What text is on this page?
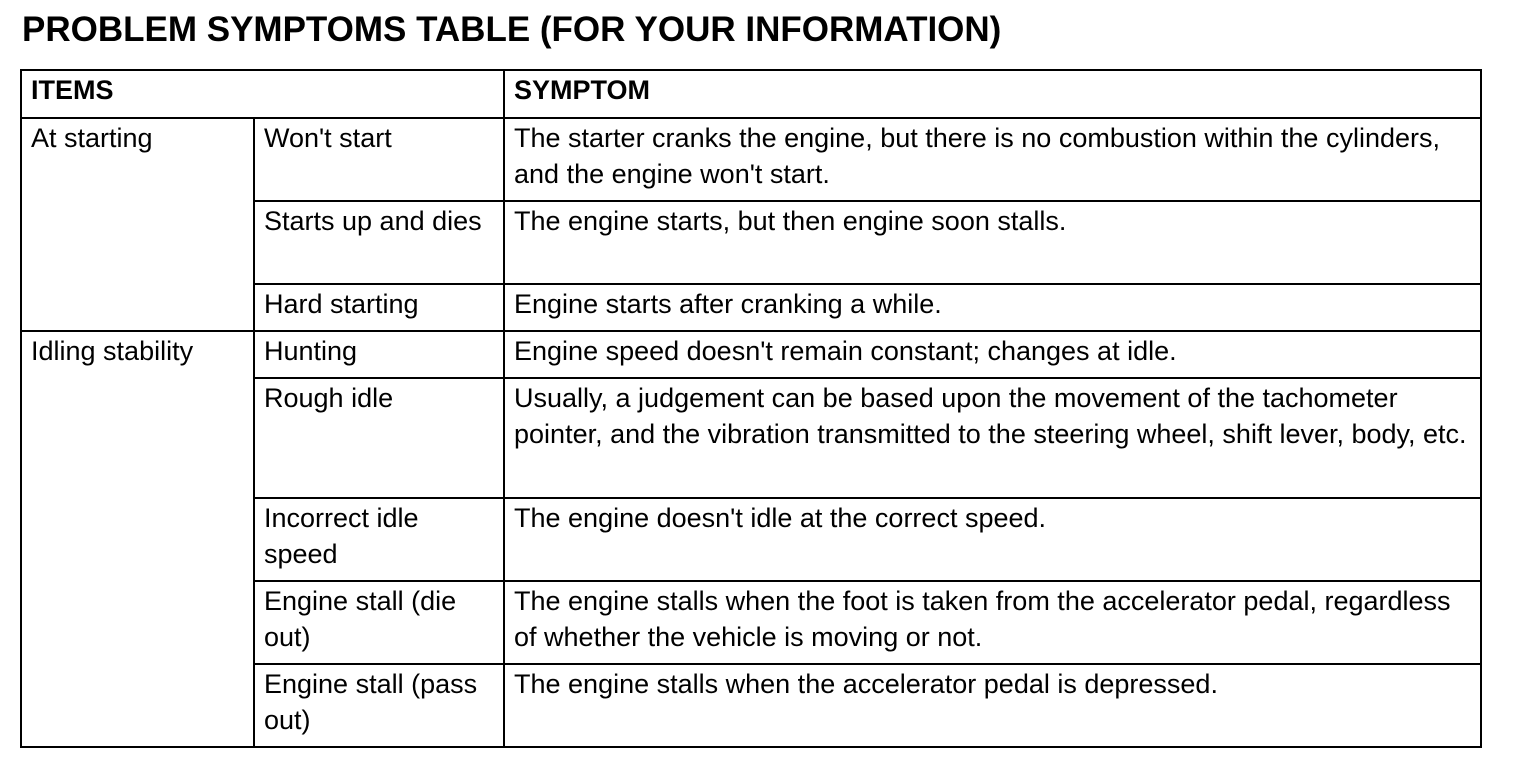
PROBLEM SYMPTOMS TABLE (FOR YOUR INFORMATION)
ITEMS		SYMPTOM
At starting	Won't start	The starter cranks the engine, but there is no combustion within the cylinders, and the engine won't start.
	Starts up and dies	The engine starts, but then engine soon stalls.
	Hard starting	Engine starts after cranking a while.
Idling stability	Hunting	Engine speed doesn't remain constant; changes at idle.
	Rough idle	Usually, a judgement can be based upon the movement of the tachometer pointer, and the vibration transmitted to the steering wheel, shift lever, body, etc.
	Incorrect idle speed	The engine doesn't idle at the correct speed.
	Engine stall (die out)	The engine stalls when the foot is taken from the accelerator pedal, regardless of whether the vehicle is moving or not.
	Engine stall (pass out)	The engine stalls when the accelerator pedal is depressed.
